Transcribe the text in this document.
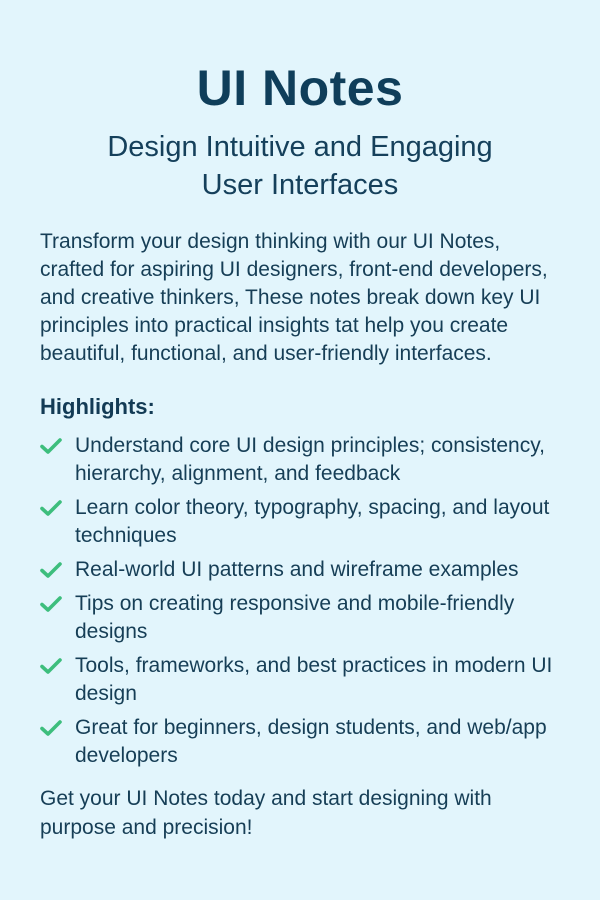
UI Notes
Design Intuitive and Engaging
User Interfaces

Transform your design thinking with our UI Notes, crafted for aspiring UI designers, front-end developers, and creative thinkers, These notes break down key UI principles into practical insights tat help you create beautiful, functional, and user-friendly interfaces.

Highlights:
Understand core UI design principles; consistency, hierarchy, alignment, and feedback
Learn color theory, typography, spacing, and layout techniques
Real-world UI patterns and wireframe examples
Tips on creating responsive and mobile-friendly designs
Tools, frameworks, and best practices in modern UI design
Great for beginners, design students, and web/app developers

Get your UI Notes today and start designing with purpose and precision!
